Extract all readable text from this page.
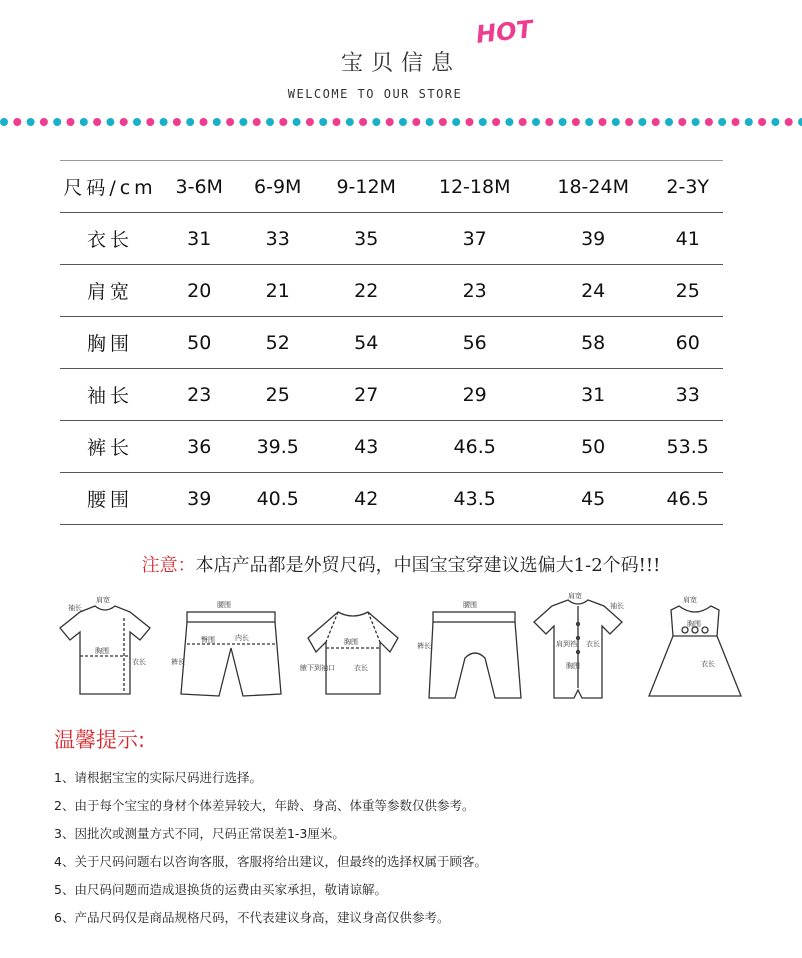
宝贝信息
HOT
WELCOME TO OUR STORE
尺码/cm	3-6M	6-9M	9-12M	12-18M	18-24M	2-3Y
衣长	31	33	35	37	39	41
肩宽	20	21	22	23	24	25
胸围	50	52	54	56	58	60
袖长	23	25	27	29	31	33
裤长	36	39.5	43	46.5	50	53.5
腰围	39	40.5	42	43.5	45	46.5
注意：本店产品都是外贸尺码，中国宝宝穿建议选偏大1-2个码!!!
袖长
肩宽
胸围
衣长
腰围
臀围
裤长
内长	胸围
腋下到袖口	衣长
腰围
裤长
肩宽
袖长
肩到裆 衣长
胸围
肩宽
胸围
衣长
温馨提示:
1、请根据宝宝的实际尺码进行选择。
2、由于每个宝宝的身材个体差异较大，年龄、身高、体重等参数仅供参考。
3、因批次或测量方式不同，尺码正常误差1-3厘米。
4、关于尺码问题右以咨询客服，客服将给出建议，但最终的选择权属于顾客。
5、由尺码问题而造成退换货的运费由买家承担，敬请谅解。
6、产品尺码仅是商品规格尺码，不代表建议身高，建议身高仅供参考。
